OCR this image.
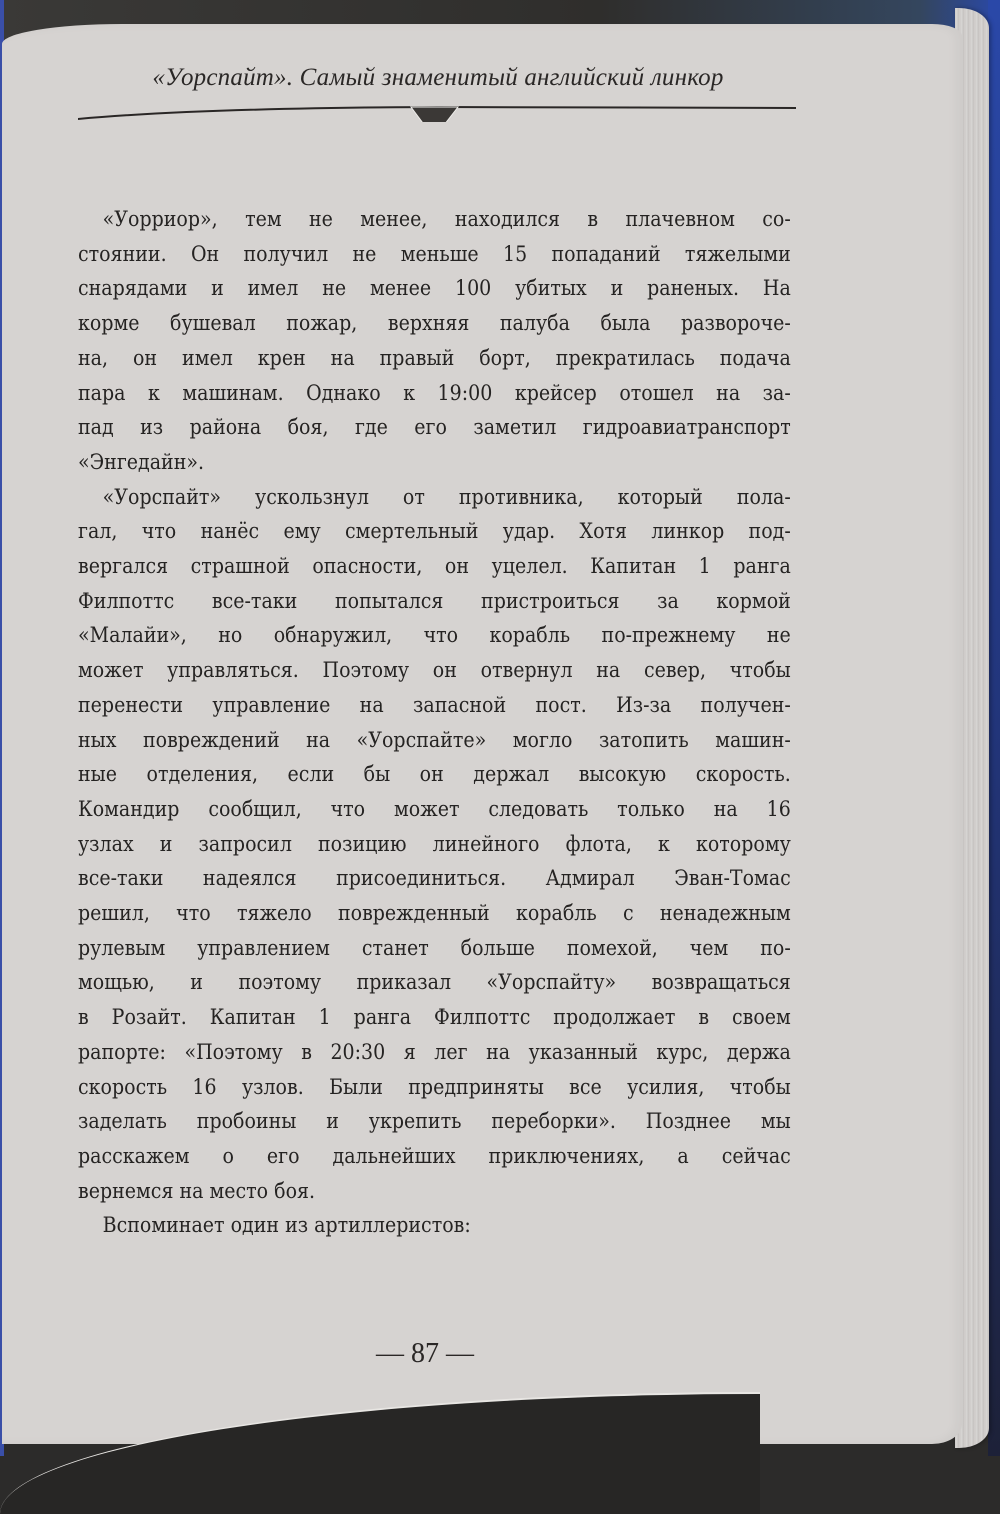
«Уорспайт». Самый знаменитый английский линкор

«Уорриор», тем не менее, находился в плачевном со-
стоянии. Он получил не меньше 15 попаданий тяжелыми
снарядами и имел не менее 100 убитых и раненых. На
корме бушевал пожар, верхняя палуба была развороче-
на, он имел крен на правый борт, прекратилась подача
пара к машинам. Однако к 19:00 крейсер отошел на за-
пад из района боя, где его заметил гидроавиатранспорт
«Энгедайн».

«Уорспайт» ускользнул от противника, который пола-
гал, что нанёс ему смертельный удар. Хотя линкор под-
вергался страшной опасности, он уцелел. Капитан 1 ранга
Филпоттс все-таки попытался пристроиться за кормой
«Малайи», но обнаружил, что корабль по-прежнему не
может управляться. Поэтому он отвернул на север, чтобы
перенести управление на запасной пост. Из-за получен-
ных повреждений на «Уорспайте» могло затопить машин-
ные отделения, если бы он держал высокую скорость.
Командир сообщил, что может следовать только на 16
узлах и запросил позицию линейного флота, к которому
все-таки надеялся присоединиться. Адмирал Эван-Томас
решил, что тяжело поврежденный корабль с ненадежным
рулевым управлением станет больше помехой, чем по-
мощью, и поэтому приказал «Уорспайту» возвращаться
в Розайт. Капитан 1 ранга Филпоттс продолжает в своем
рапорте: «Поэтому в 20:30 я лег на указанный курс, держа
скорость 16 узлов. Были предприняты все усилия, чтобы
заделать пробоины и укрепить переборки». Позднее мы
расскажем о его дальнейших приключениях, а сейчас
вернемся на место боя.

Вспоминает один из артиллеристов:

— 87 —
